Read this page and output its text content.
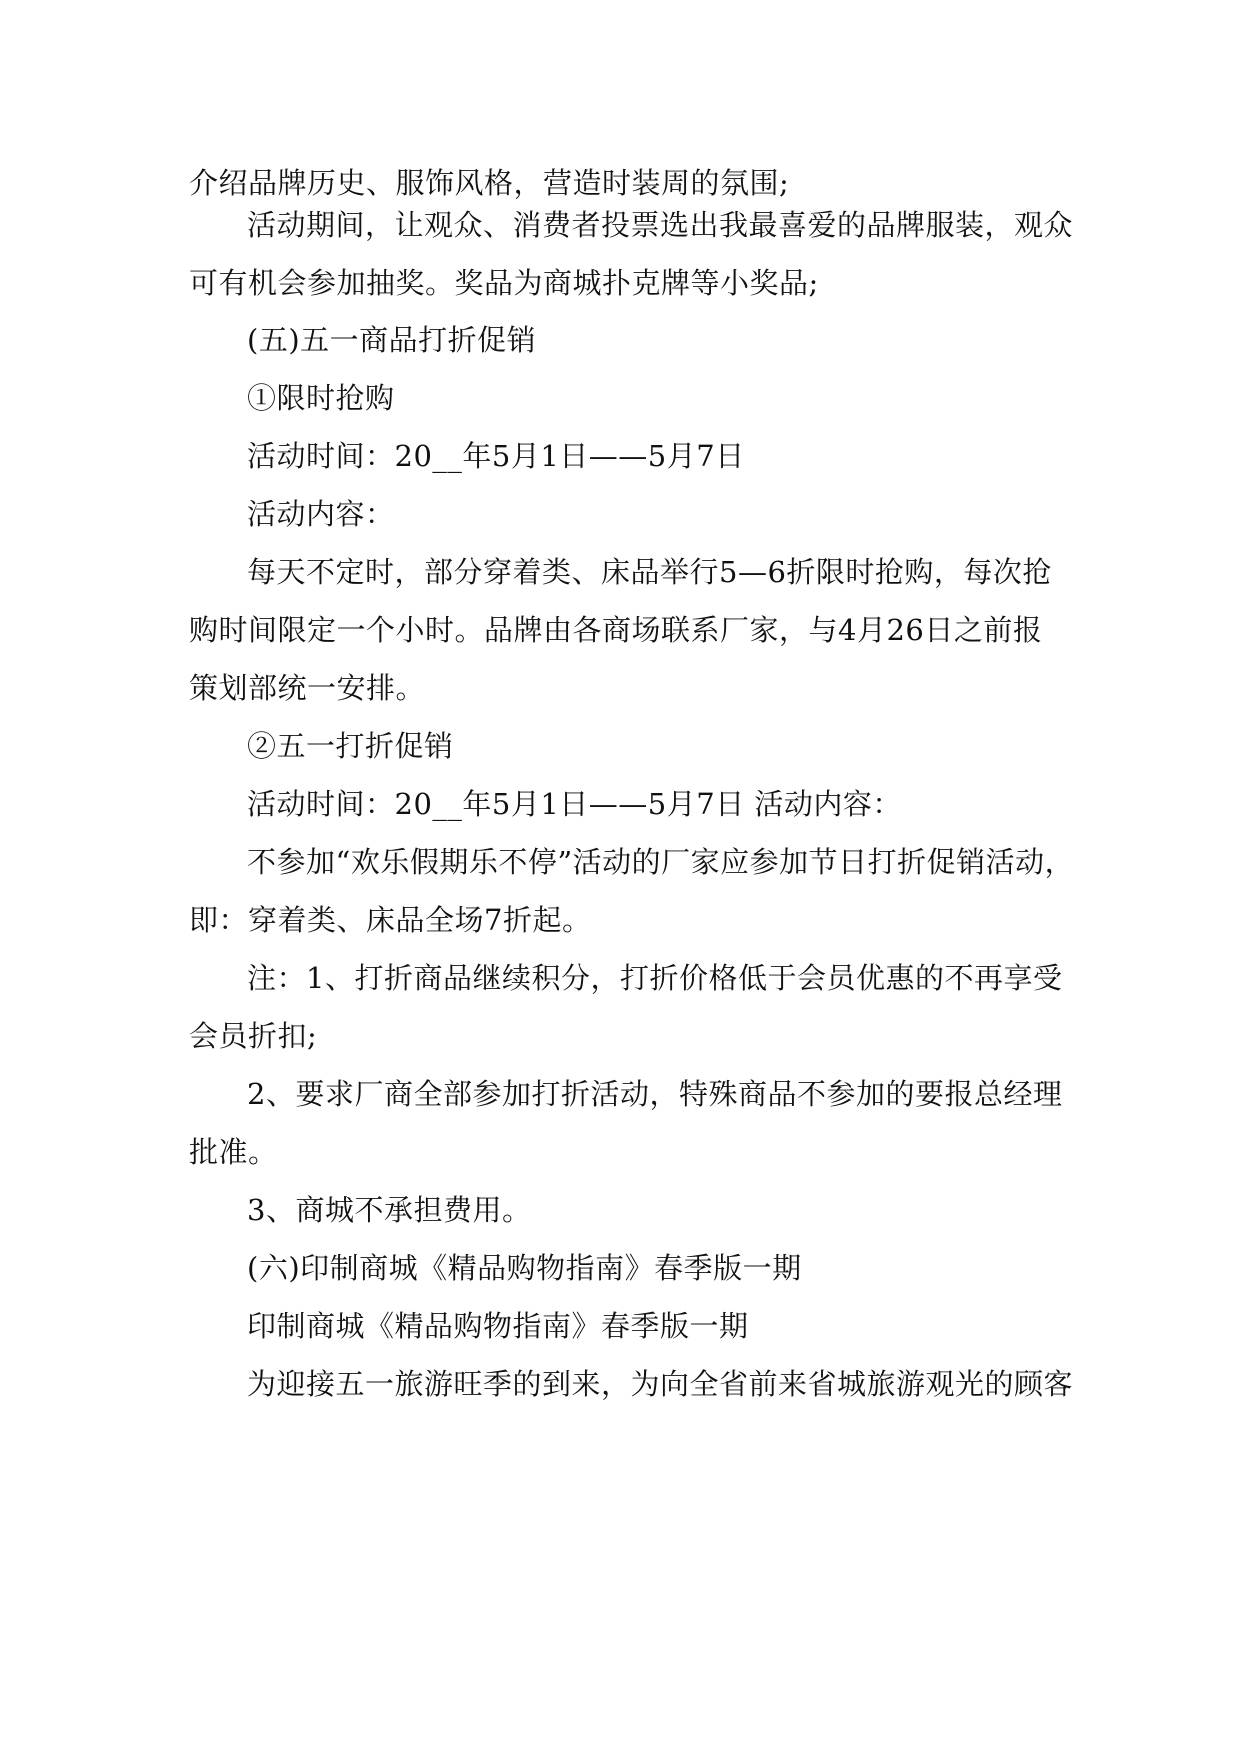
介绍品牌历史、服饰风格，营造时装周的氛围;
活动期间，让观众、消费者投票选出我最喜爱的品牌服装，观众
可有机会参加抽奖。奖品为商城扑克牌等小奖品;
(五)五一商品打折促销
①限时抢购
活动时间：20__年5月1日——5月7日
活动内容：
每天不定时，部分穿着类、床品举行5—6折限时抢购，每次抢
购时间限定一个小时。品牌由各商场联系厂家，与4月26日之前报
策划部统一安排。
②五一打折促销
活动时间：20__年5月1日——5月7日 活动内容：
不参加“欢乐假期乐不停”活动的厂家应参加节日打折促销活动，
即：穿着类、床品全场7折起。
注：1、打折商品继续积分，打折价格低于会员优惠的不再享受
会员折扣;
2、要求厂商全部参加打折活动，特殊商品不参加的要报总经理
批准。
3、商城不承担费用。
(六)印制商城《精品购物指南》春季版一期
印制商城《精品购物指南》春季版一期
为迎接五一旅游旺季的到来，为向全省前来省城旅游观光的顾客
